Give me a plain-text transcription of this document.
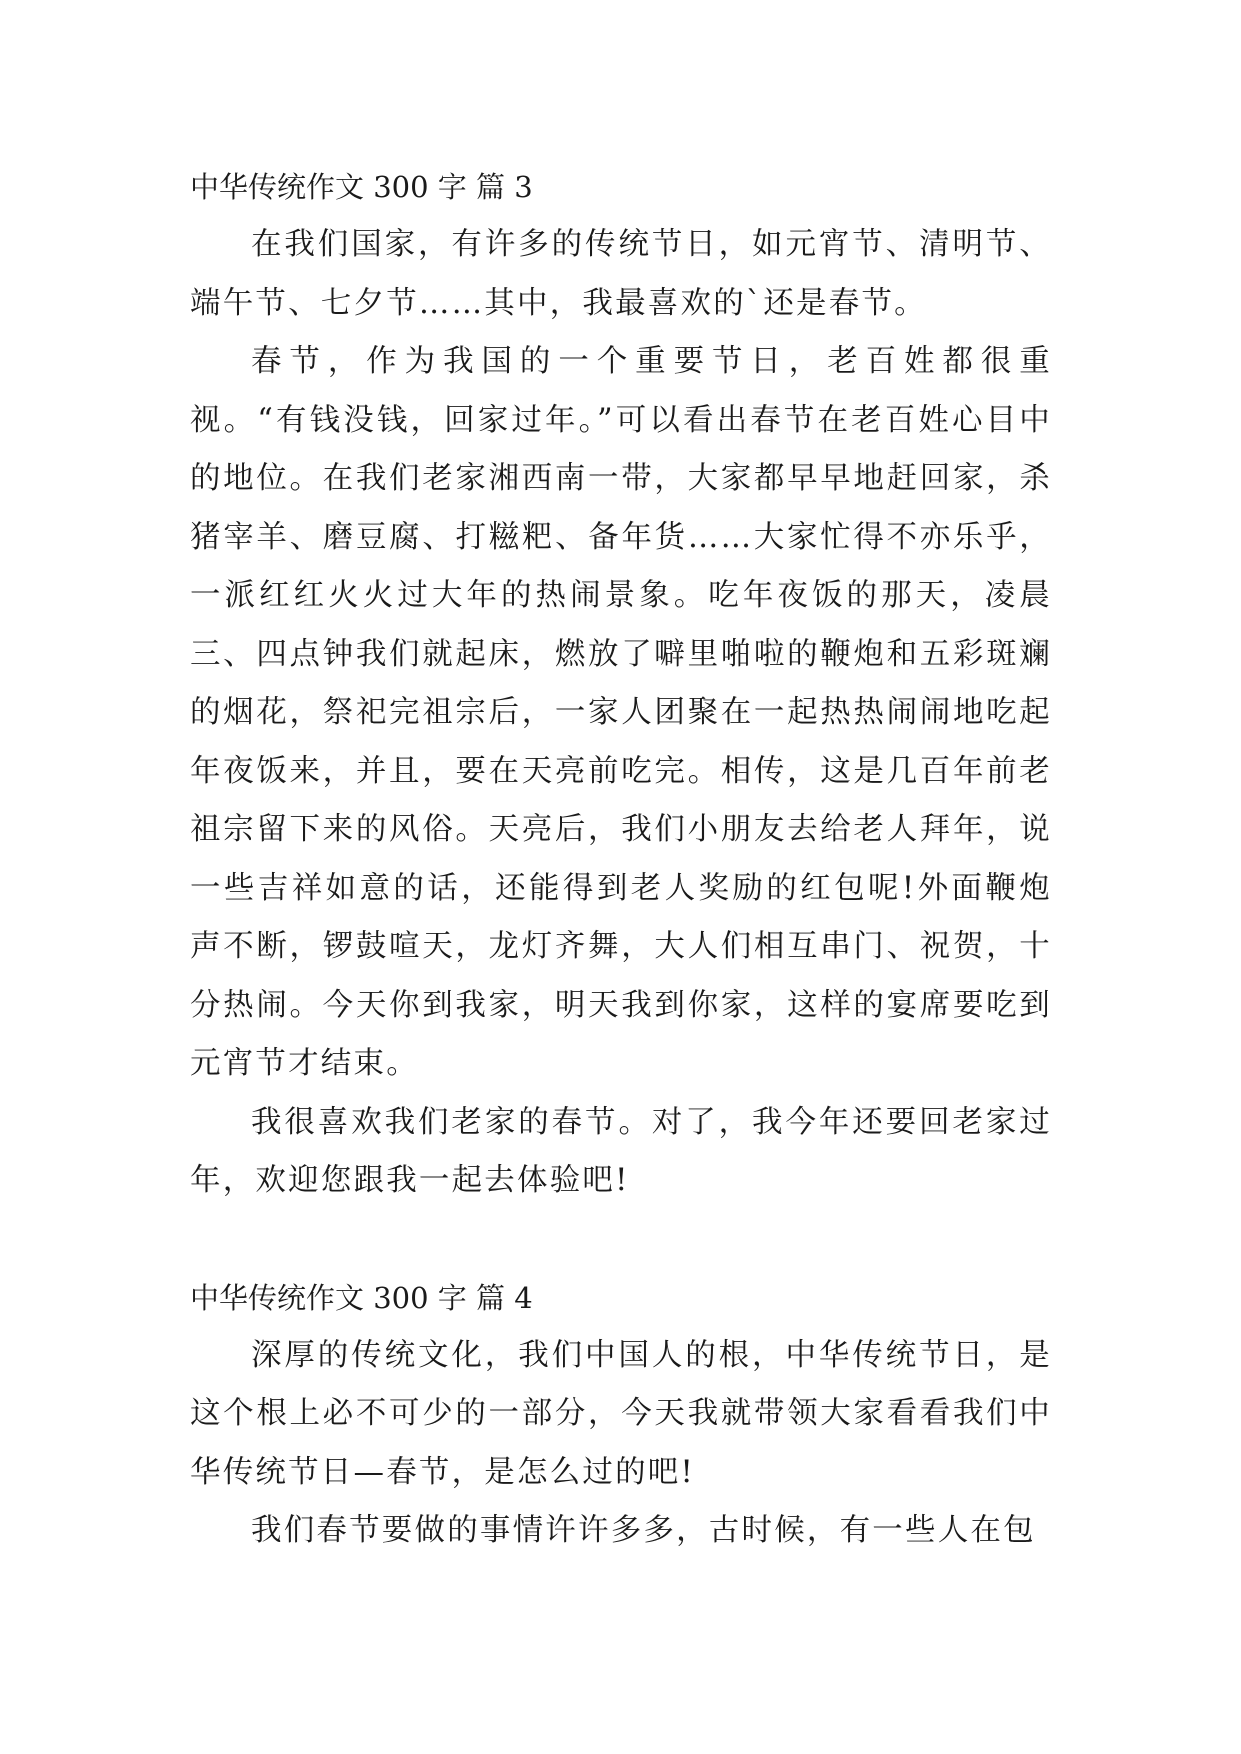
中华传统作文 300 字 篇 3

在我们国家，有许多的传统节日，如元宵节、清明节、端午节、七夕节……其中，我最喜欢的`还是春节。

春节，作为我国的一个重要节日，老百姓都很重视。“有钱没钱，回家过年。”可以看出春节在老百姓心目中的地位。在我们老家湘西南一带，大家都早早地赶回家，杀猪宰羊、磨豆腐、打糍粑、备年货……大家忙得不亦乐乎，一派红红火火过大年的热闹景象。吃年夜饭的那天，凌晨三、四点钟我们就起床，燃放了噼里啪啦的鞭炮和五彩斑斓的烟花，祭祀完祖宗后，一家人团聚在一起热热闹闹地吃起年夜饭来，并且，要在天亮前吃完。相传，这是几百年前老祖宗留下来的风俗。天亮后，我们小朋友去给老人拜年，说一些吉祥如意的话，还能得到老人奖励的红包呢!外面鞭炮声不断，锣鼓喧天，龙灯齐舞，大人们相互串门、祝贺，十分热闹。今天你到我家，明天我到你家，这样的宴席要吃到元宵节才结束。

我很喜欢我们老家的春节。对了，我今年还要回老家过年，欢迎您跟我一起去体验吧!

中华传统作文 300 字 篇 4

深厚的传统文化，我们中国人的根，中华传统节日，是这个根上必不可少的一部分，今天我就带领大家看看我们中华传统节日—春节，是怎么过的吧!

我们春节要做的事情许许多多，古时候，有一些人在包
